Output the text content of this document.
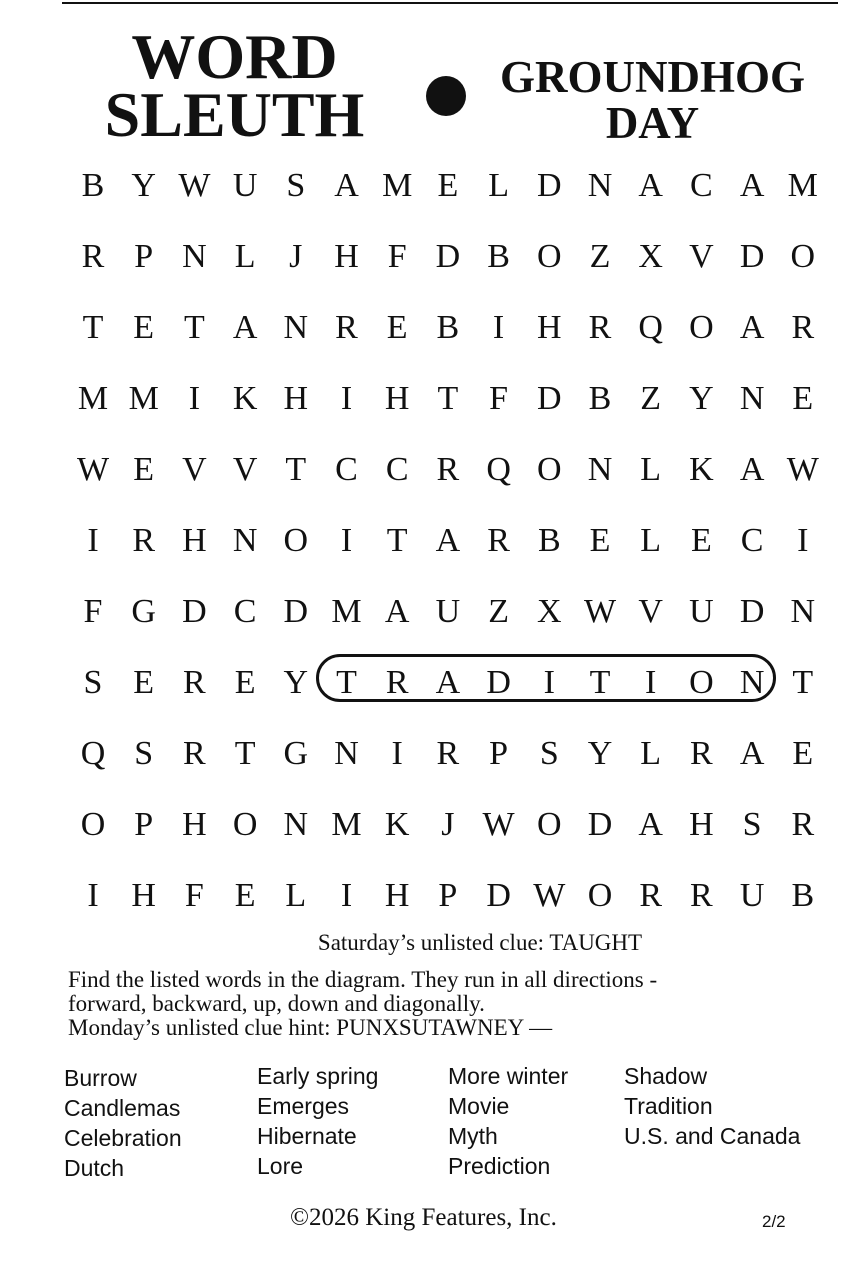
WORD
SLEUTH
GROUNDHOG
DAY
B Y W U S A M E L D N A C A M
R P N L J H F D B O Z X V D O
T E T A N R E B I H R Q O A R
M M I K H I H T F D B Z Y N E
W E V V T C C R Q O N L K A W
I R H N O I	T A R B E L E C I
F G D C D M A U Z X W V U D N
S E R E Y T R A D I	T	I O N T
Q S R T G N I R P S Y L R A E
O P H O N M K J W O D A H S R
I H F E L	I H P D W O R R U B
Saturday’s unlisted clue: TAUGHT
Find the listed words in the diagram. They run in all directions -
forward, backward, up, down and diagonally.
Monday’s unlisted clue hint: PUNXSUTAWNEY —
Burrow
Candlemas
Celebration
Dutch
Early spring
Emerges
Hibernate
Lore
More winter
Movie
Myth
Prediction
Shadow
Tradition
U.S. and Canada
©2026 King Features, Inc.	2/2
